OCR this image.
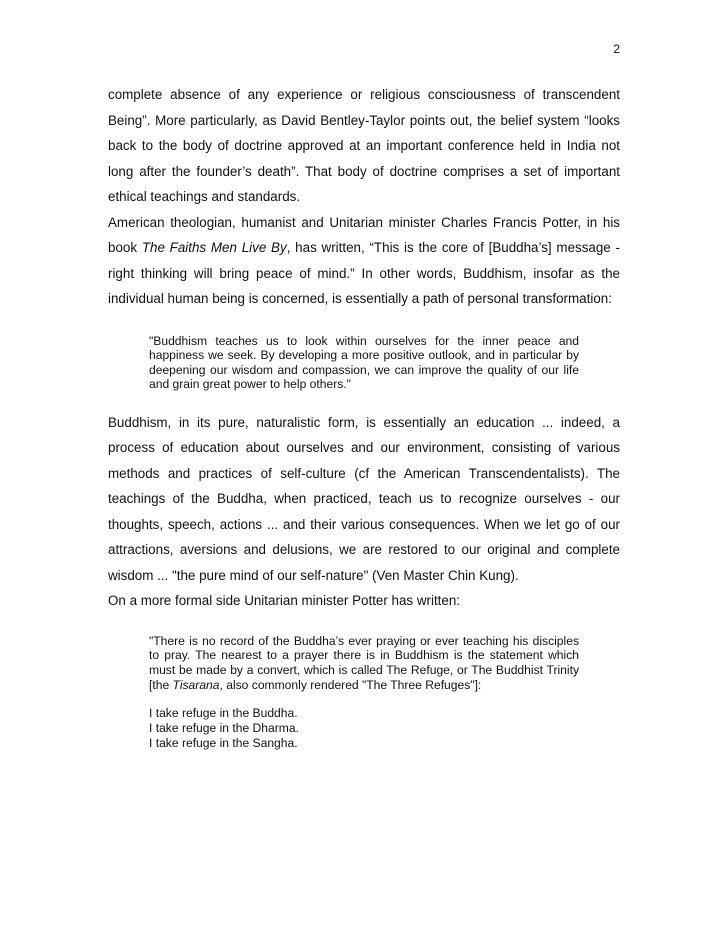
2

complete absence of any experience or religious consciousness of transcendent Being”. More particularly, as David Bentley-Taylor points out, the belief system “looks back to the body of doctrine approved at an important conference held in India not long after the founder’s death”. That body of doctrine comprises a set of important ethical teachings and standards.

American theologian, humanist and Unitarian minister Charles Francis Potter, in his book The Faiths Men Live By, has written, “This is the core of [Buddha’s] message - right thinking will bring peace of mind.” In other words, Buddhism, insofar as the individual human being is concerned, is essentially a path of personal transformation:

"Buddhism teaches us to look within ourselves for the inner peace and happiness we seek. By developing a more positive outlook, and in particular by deepening our wisdom and compassion, we can improve the quality of our life and grain great power to help others."

Buddhism, in its pure, naturalistic form, is essentially an education ... indeed, a process of education about ourselves and our environment, consisting of various methods and practices of self-culture (cf the American Transcendentalists). The teachings of the Buddha, when practiced, teach us to recognize ourselves - our thoughts, speech, actions ... and their various consequences. When we let go of our attractions, aversions and delusions, we are restored to our original and complete wisdom ... "the pure mind of our self-nature" (Ven Master Chin Kung).

On a more formal side Unitarian minister Potter has written:

"There is no record of the Buddha’s ever praying or ever teaching his disciples to pray. The nearest to a prayer there is in Buddhism is the statement which must be made by a convert, which is called The Refuge, or The Buddhist Trinity [the Tisarana, also commonly rendered "The Three Refuges"]:
I take refuge in the Buddha.
I take refuge in the Dharma.
I take refuge in the Sangha.
